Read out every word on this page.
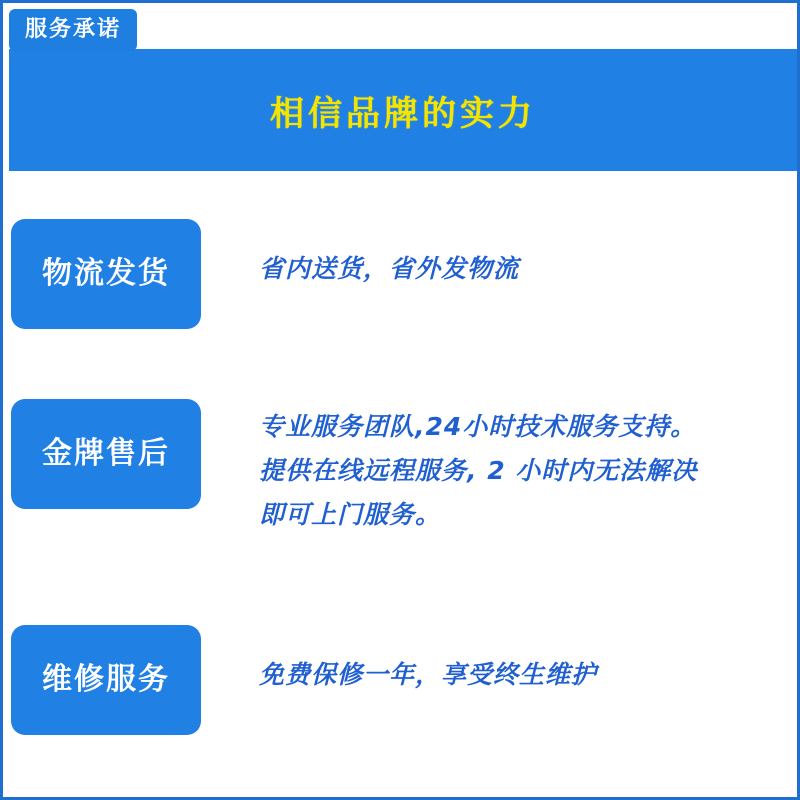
服务承诺
相信品牌的实力
物流发货	省内送货，省外发物流

金牌售后

专业服务团队,24小时技术服务支持。

提供在线远程服务, 2 小时内无法解决

即可上门服务。

维修服务	免费保修一年，享受终生维护
